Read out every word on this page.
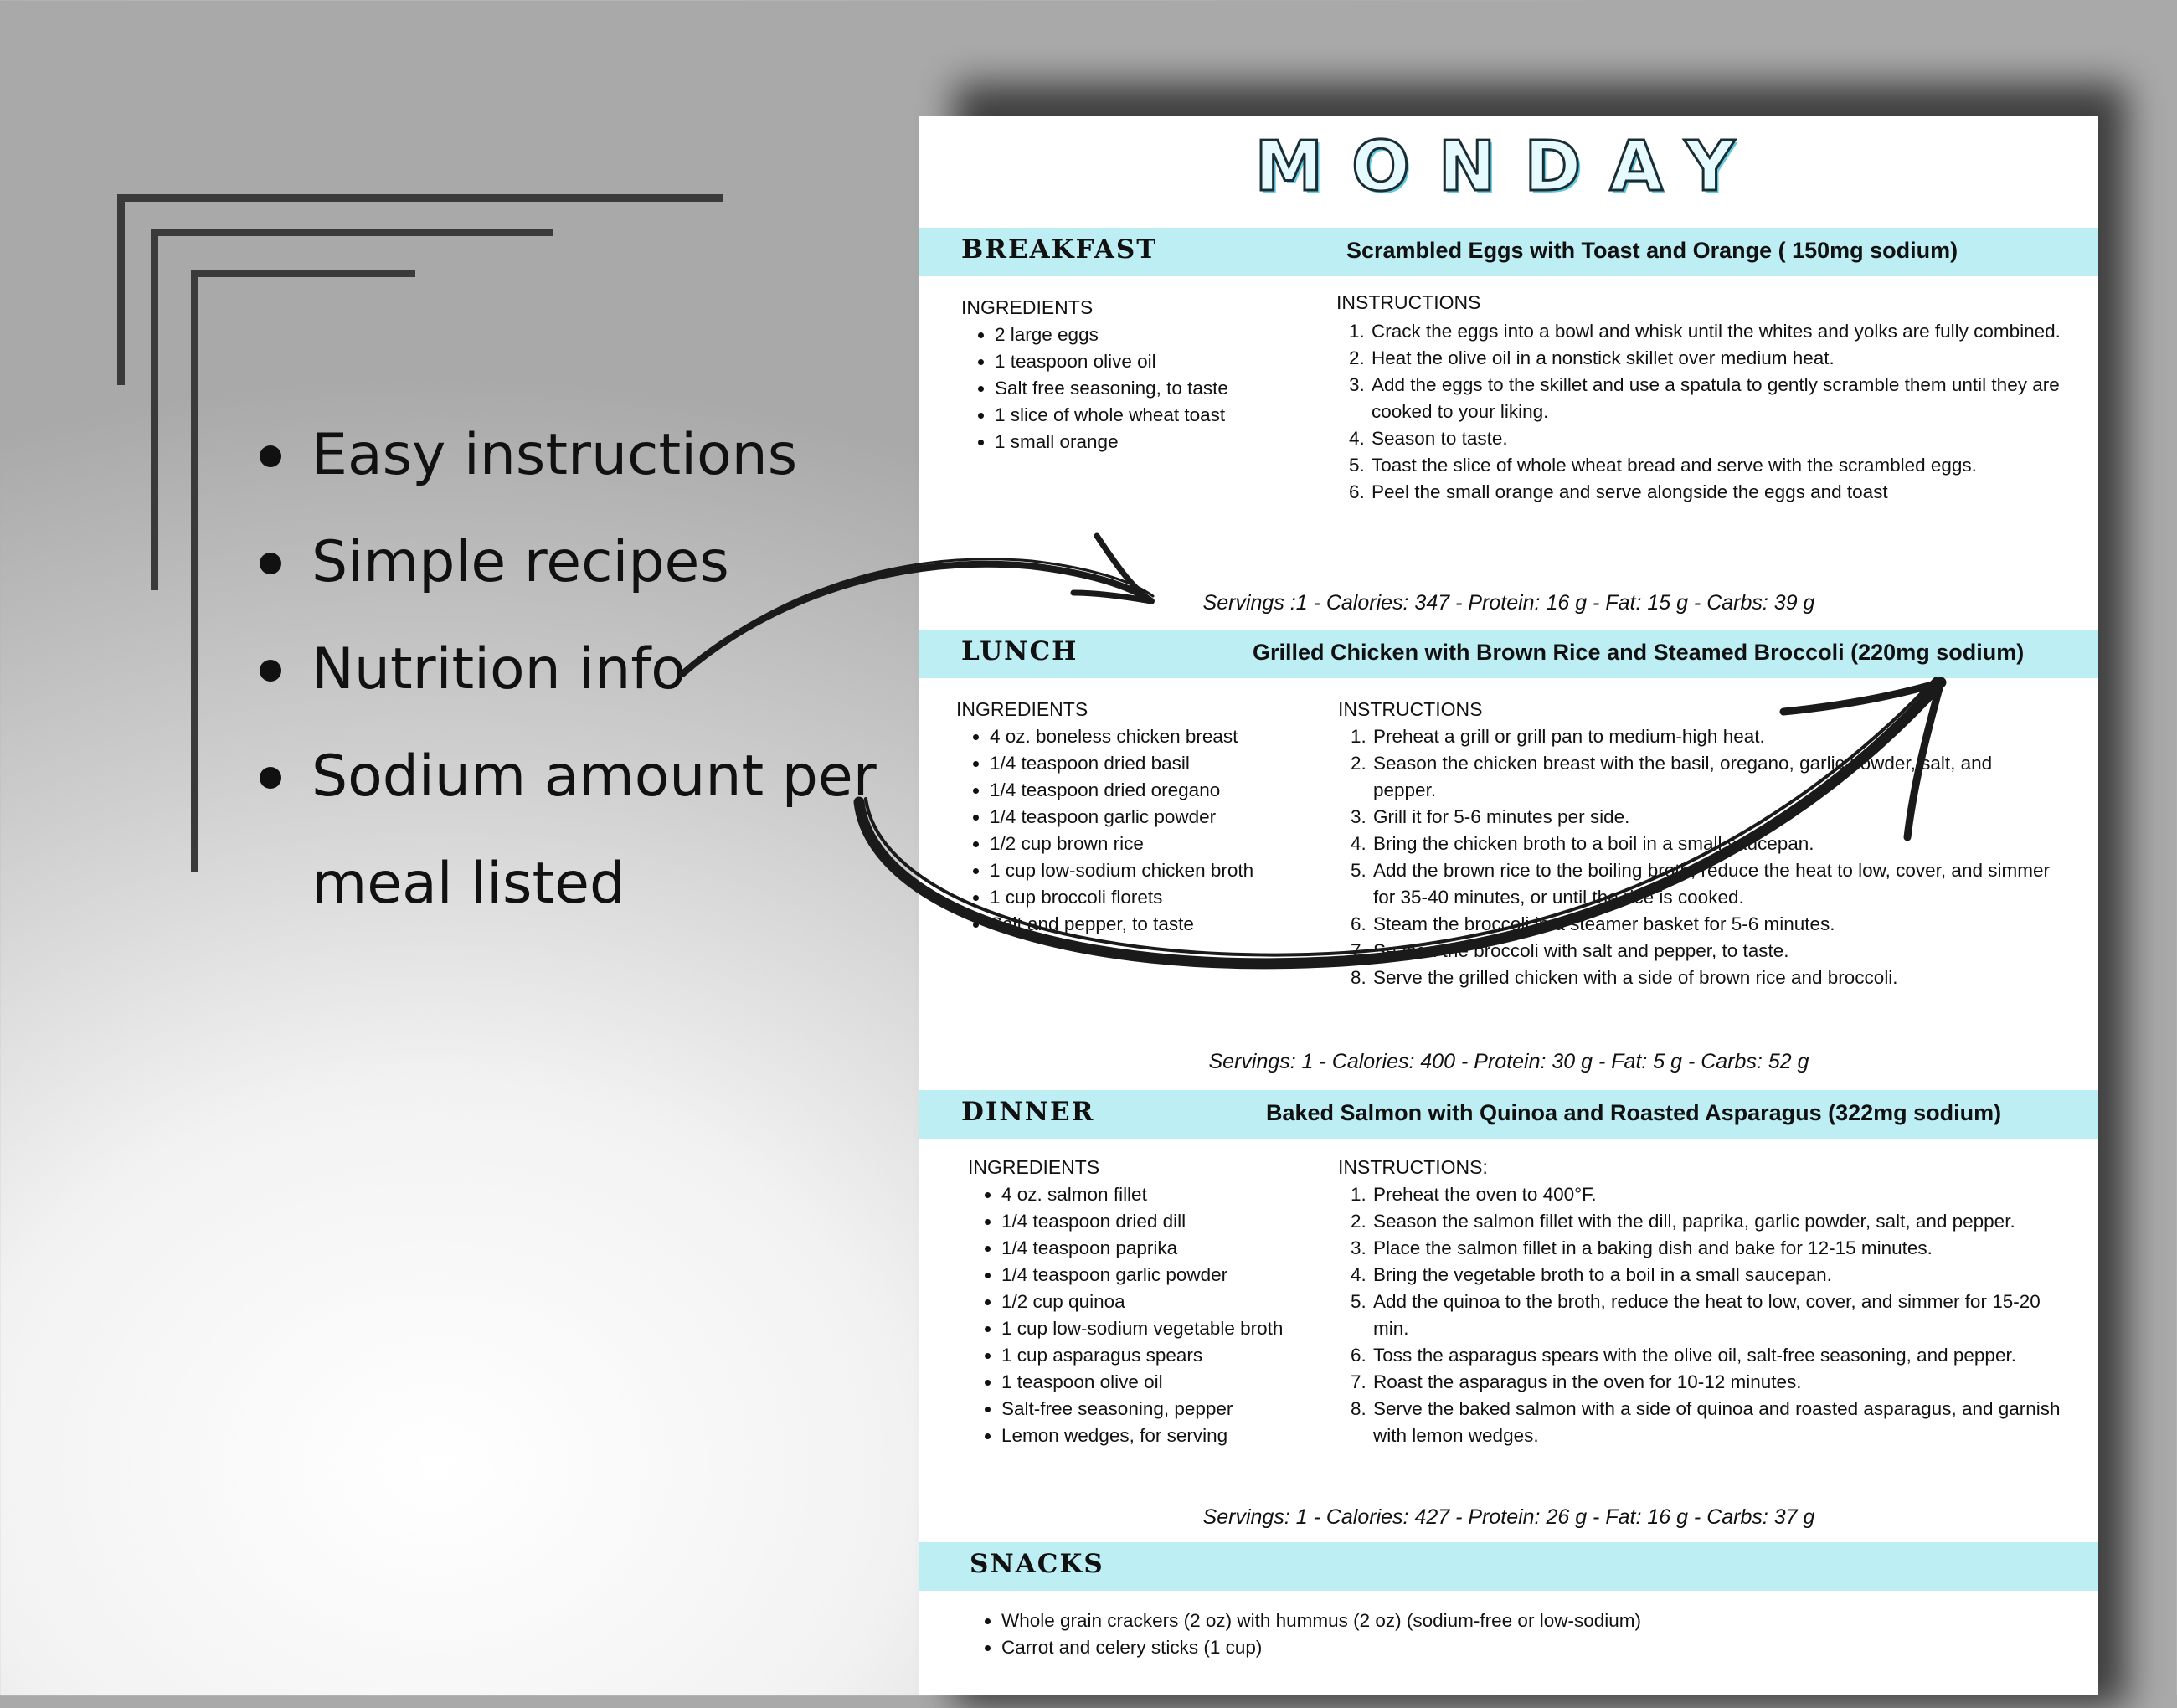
Easy instructions
Simple recipes
Nutrition info
Sodium amount per
meal listed
MONDAY
BREAKFAST	Scrambled Eggs with Toast and Orange ( 150mg sodium)
INGREDIENTS
• 2 large eggs
• 1 teaspoon olive oil
• Salt free seasoning, to taste
• 1 slice of whole wheat toast
• 1 small orange
INSTRUCTIONS
1. Crack the eggs into a bowl and whisk until the whites and yolks are fully combined.
2. Heat the olive oil in a nonstick skillet over medium heat.
3. Add the eggs to the skillet and use a spatula to gently scramble them until they are cooked to your liking.
4. Season to taste.
5. Toast the slice of whole wheat bread and serve with the scrambled eggs.
6. Peel the small orange and serve alongside the eggs and toast
Servings :1 - Calories: 347 - Protein: 16 g - Fat: 15 g - Carbs: 39 g
LUNCH	Grilled Chicken with Brown Rice and Steamed Broccoli (220mg sodium)
INGREDIENTS
• 4 oz. boneless chicken breast
• 1/4 teaspoon dried basil
• 1/4 teaspoon dried oregano
• 1/4 teaspoon garlic powder
• 1/2 cup brown rice
• 1 cup low-sodium chicken broth
• 1 cup broccoli florets
• Salt and pepper, to taste
INSTRUCTIONS
1. Preheat a grill or grill pan to medium-high heat.
2. Season the chicken breast with the basil, oregano, garlic powder, salt, and pepper.
3. Grill it for 5-6 minutes per side.
4. Bring the chicken broth to a boil in a small saucepan.
5. Add the brown rice to the boiling broth, reduce the heat to low, cover, and simmer for 35-40 minutes, or until the rice is cooked.
6. Steam the broccoli in a steamer basket for 5-6 minutes.
7. Season the broccoli with salt and pepper, to taste.
8. Serve the grilled chicken with a side of brown rice and broccoli.
Servings: 1 - Calories: 400 - Protein: 30 g - Fat: 5 g - Carbs: 52 g
DINNER	Baked Salmon with Quinoa and Roasted Asparagus (322mg sodium)
INGREDIENTS
• 4 oz. salmon fillet
• 1/4 teaspoon dried dill
• 1/4 teaspoon paprika
• 1/4 teaspoon garlic powder
• 1/2 cup quinoa
• 1 cup low-sodium vegetable broth
• 1 cup asparagus spears
• 1 teaspoon olive oil
• Salt-free seasoning, pepper
• Lemon wedges, for serving
INSTRUCTIONS:
1. Preheat the oven to 400°F.
2. Season the salmon fillet with the dill, paprika, garlic powder, salt, and pepper.
3. Place the salmon fillet in a baking dish and bake for 12-15 minutes.
4. Bring the vegetable broth to a boil in a small saucepan.
5. Add the quinoa to the broth, reduce the heat to low, cover, and simmer for 15-20 min.
6. Toss the asparagus spears with the olive oil, salt-free seasoning, and pepper.
7. Roast the asparagus in the oven for 10-12 minutes.
8. Serve the baked salmon with a side of quinoa and roasted asparagus, and garnish with lemon wedges.
Servings: 1 - Calories: 427 - Protein: 26 g - Fat: 16 g - Carbs: 37 g
SNACKS
• Whole grain crackers (2 oz) with hummus (2 oz) (sodium-free or low-sodium)
• Carrot and celery sticks (1 cup)
